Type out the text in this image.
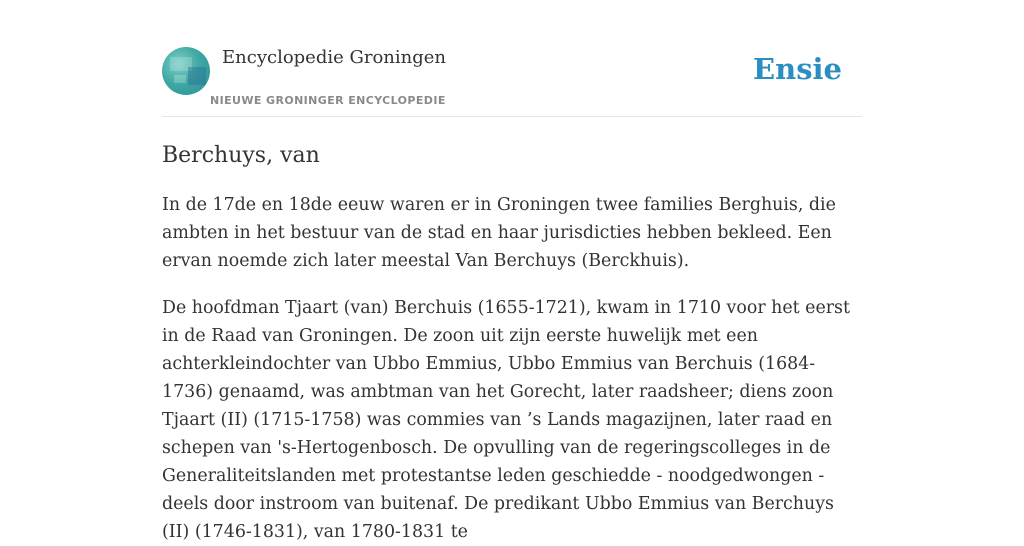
Encyclopedie Groningen
NIEUWE GRONINGER ENCYCLOPEDIE
Ensie
Berchuys, van

In de 17de en 18de eeuw waren er in Groningen twee families Berghuis, die ambten in het bestuur van de stad en haar jurisdicties hebben bekleed. Een ervan noemde zich later meestal Van Berchuys (Berckhuis).

De hoofdman Tjaart (van) Berchuis (1655-1721), kwam in 1710 voor het eerst in de Raad van Groningen. De zoon uit zijn eerste huwelijk met een achterkleindochter van Ubbo Emmius, Ubbo Emmius van Berchuis (1684-1736) genaamd, was ambtman van het Gorecht, later raadsheer; diens zoon Tjaart (II) (1715-1758) was commies van ’s Lands magazijnen, later raad en schepen van 's-Hertogenbosch. De opvulling van de regeringscolleges in de Generaliteitslanden met protestantse leden geschiedde - noodgedwongen - deels door instroom van buitenaf. De predikant Ubbo Emmius van Berchuys (II) (1746-1831), van 1780-1831 te
